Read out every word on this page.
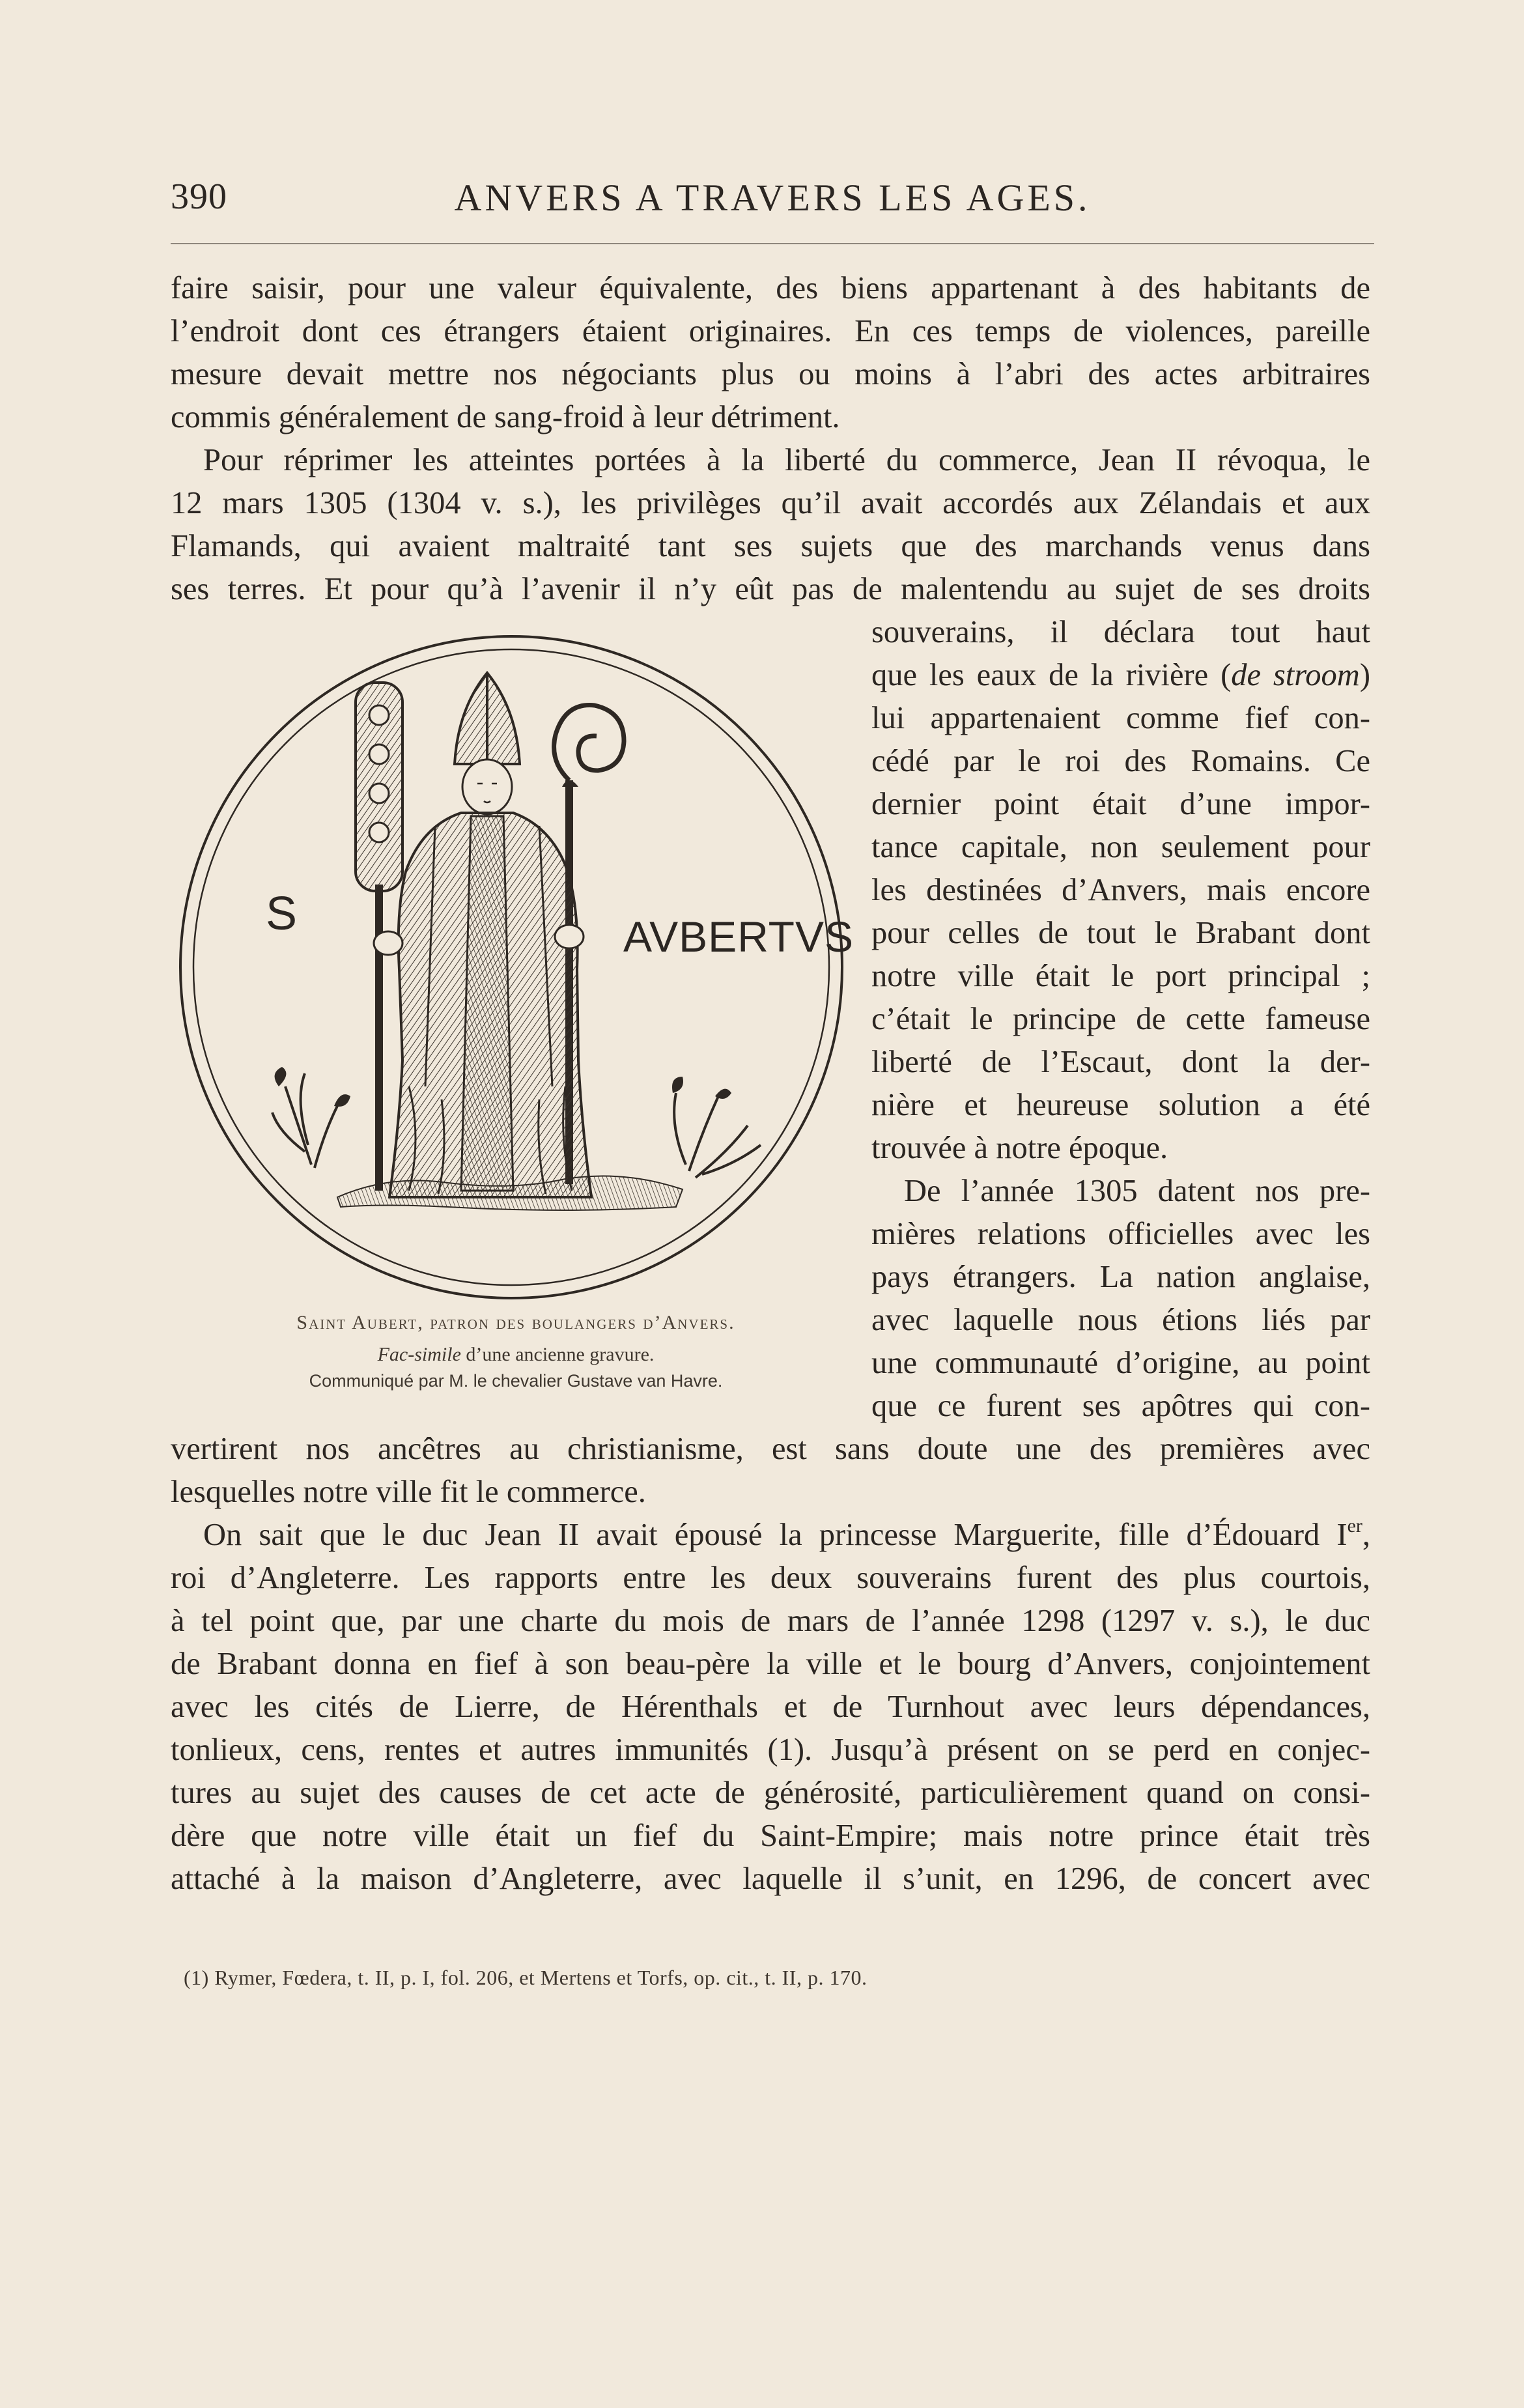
390	ANVERS A TRAVERS LES AGES.
faire saisir, pour une valeur équivalente, des biens appartenant à des habitants de
l’endroit dont ces étrangers étaient originaires. En ces temps de violences, pareille
mesure devait mettre nos négociants plus ou moins à l’abri des actes arbitraires
commis généralement de sang-froid à leur détriment.
Pour réprimer les atteintes portées à la liberté du commerce, Jean II révoqua, le
12 mars 1305 (1304 v. s.), les privilèges qu’il avait accordés aux Zélandais et aux
Flamands, qui avaient maltraité tant ses sujets que des marchands venus dans
ses terres. Et pour qu’à l’avenir il n’y eût pas de malentendu au sujet de ses droits
souverains, il déclara tout haut
que les eaux de la rivière (de stroom)
lui appartenaient comme fief con-
cédé par le roi des Romains. Ce
dernier point était d’une impor-
tance capitale, non seulement pour
les destinées d’Anvers, mais encore
pour celles de tout le Brabant dont
notre ville était le port principal ;
c’était le principe de cette fameuse
liberté de l’Escaut, dont la der-
nière et heureuse solution a été
trouvée à notre époque.
De l’année 1305 datent nos pre-
mières relations officielles avec les
pays étrangers. La nation anglaise,
avec laquelle nous étions liés par
une communauté d’origine, au point
que ce furent ses apôtres qui con-
vertirent nos ancêtres au christianisme, est sans doute une des premières avec
lesquelles notre ville fit le commerce.
On sait que le duc Jean II avait épousé la princesse Marguerite, fille d’Édouard Ier,
roi d’Angleterre. Les rapports entre les deux souverains furent des plus courtois,
à tel point que, par une charte du mois de mars de l’année 1298 (1297 v. s.), le duc
de Brabant donna en fief à son beau-père la ville et le bourg d’Anvers, conjointement
avec les cités de Lierre, de Hérenthals et de Turnhout avec leurs dépendances,
tonlieux, cens, rentes et autres immunités (1). Jusqu’à présent on se perd en conjec-
tures au sujet des causes de cet acte de générosité, particulièrement quand on consi-
dère que notre ville était un fief du Saint-Empire; mais notre prince était très
attaché à la maison d’Angleterre, avec laquelle il s’unit, en 1296, de concert avec
S	AVBERTVS
Saint Aubert, patron des boulangers d’Anvers.
Fac-simile d’une ancienne gravure.
Communiqué par M. le chevalier Gustave van Havre.
(1) Rymer, Fœdera, t. II, p. I, fol. 206, et Mertens et Torfs, op. cit., t. II, p. 170.
